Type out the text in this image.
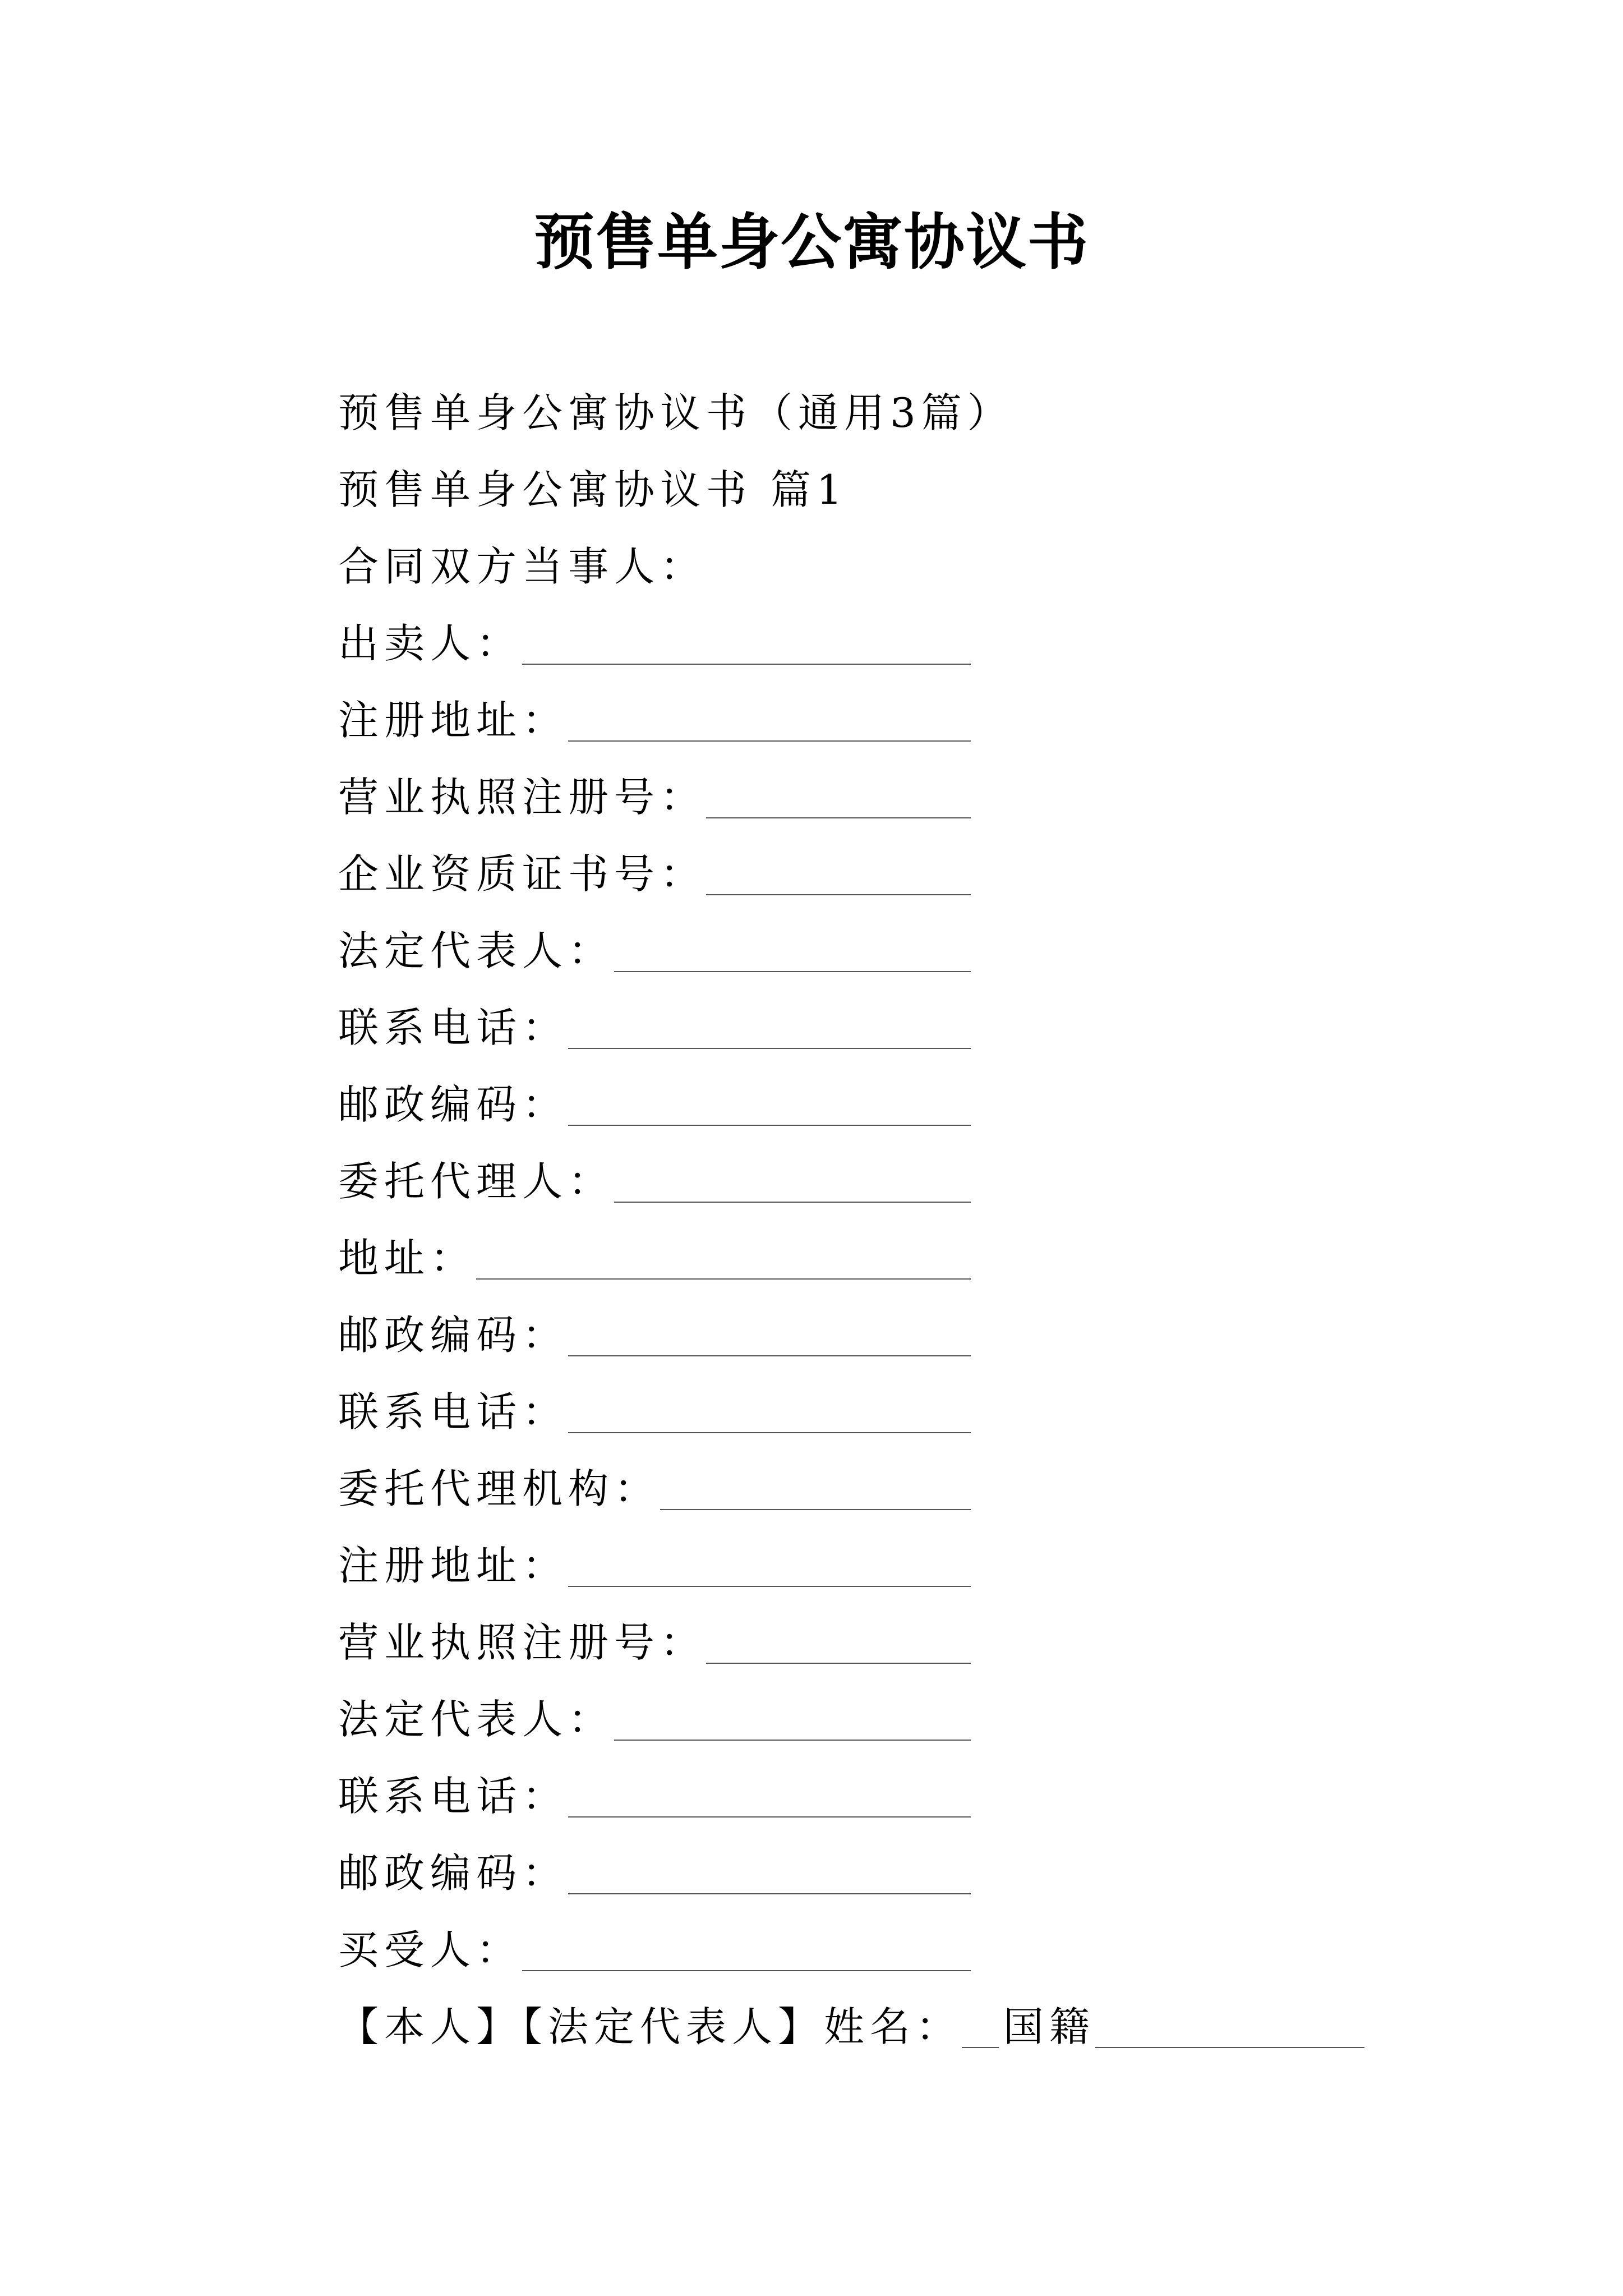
预售单身公寓协议书
预售单身公寓协议书（通用3篇）
预售单身公寓协议书 篇1
合同双方当事人：
出卖人：
注册地址：
营业执照注册号：
企业资质证书号：
法定代表人：
联系电话：
邮政编码：
委托代理人：
地址：
邮政编码：
联系电话：
委托代理机构：
注册地址：
营业执照注册号：
法定代表人：
联系电话：
邮政编码：
买受人：
【本人】【法定代表人】姓名： 国籍
